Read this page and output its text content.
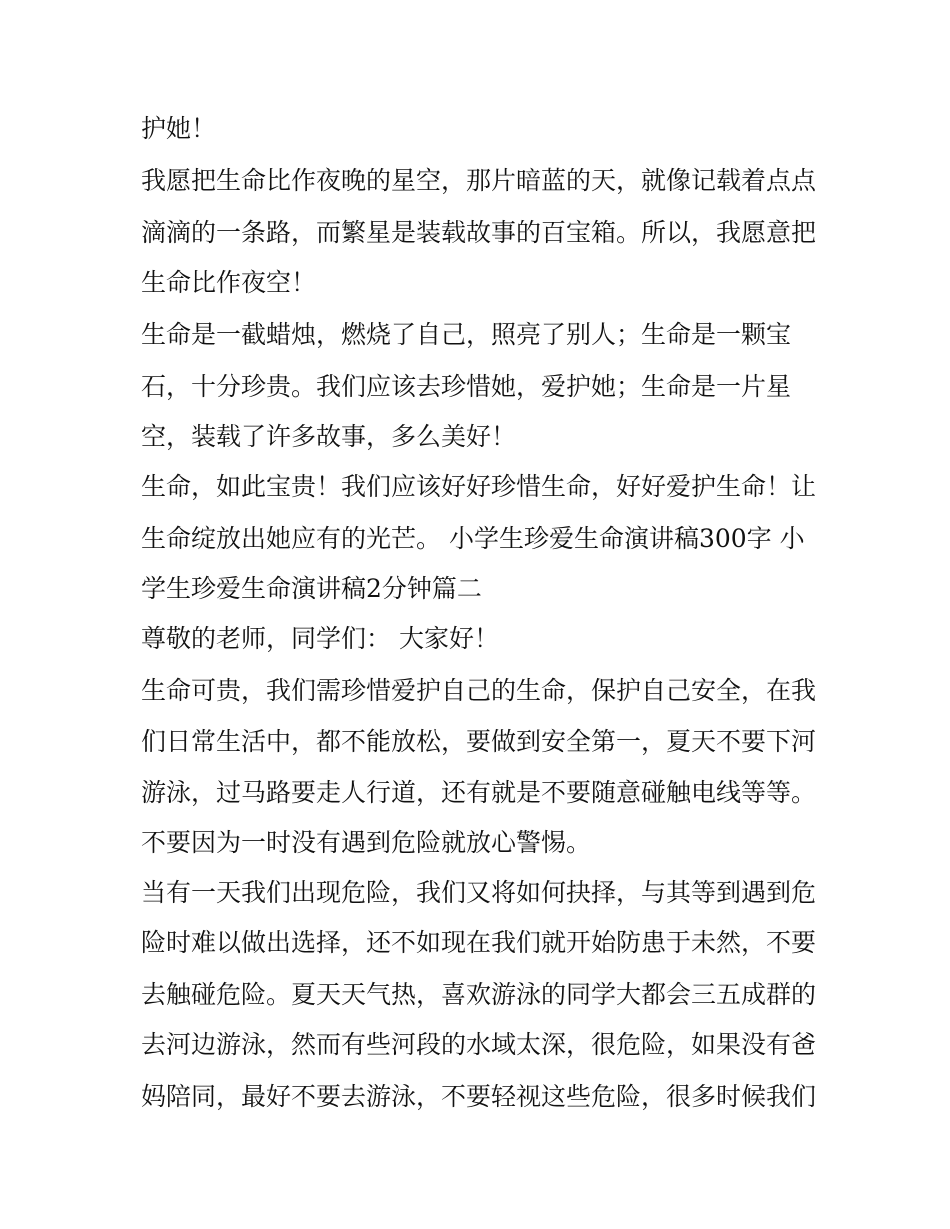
护她！
我愿把生命比作夜晚的星空，那片暗蓝的天，就像记载着点点
滴滴的一条路，而繁星是装载故事的百宝箱。所以，我愿意把
生命比作夜空！
生命是一截蜡烛，燃烧了自己，照亮了别人；生命是一颗宝
石，十分珍贵。我们应该去珍惜她，爱护她；生命是一片星
空，装载了许多故事，多么美好！
生命，如此宝贵！我们应该好好珍惜生命，好好爱护生命！让
生命绽放出她应有的光芒。 小学生珍爱生命演讲稿300字 小
学生珍爱生命演讲稿2分钟篇二
尊敬的老师，同学们： 大家好！
生命可贵，我们需珍惜爱护自己的生命，保护自己安全，在我
们日常生活中，都不能放松，要做到安全第一，夏天不要下河
游泳，过马路要走人行道，还有就是不要随意碰触电线等等。
不要因为一时没有遇到危险就放心警惕。
当有一天我们出现危险，我们又将如何抉择，与其等到遇到危
险时难以做出选择，还不如现在我们就开始防患于未然，不要
去触碰危险。夏天天气热，喜欢游泳的同学大都会三五成群的
去河边游泳，然而有些河段的水域太深，很危险，如果没有爸
妈陪同，最好不要去游泳，不要轻视这些危险，很多时候我们
